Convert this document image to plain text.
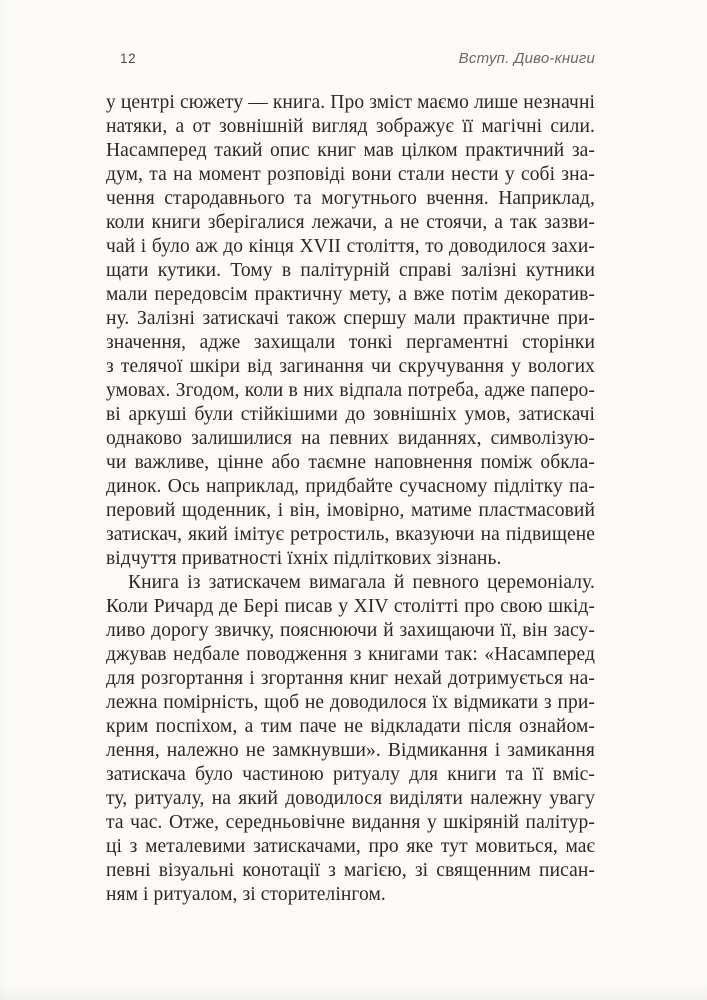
12	Вступ. Диво-книги
у центрі сюжету — книга. Про зміст маємо лише незначні
натяки, а от зовнішній вигляд зображує її магічні сили.
Насамперед такий опис книг мав цілком практичний за-
дум, та на момент розповіді вони стали нести у собі зна-
чення стародавнього та могутнього вчення. Наприклад,
коли книги зберігалися лежачи, а не стоячи, а так зазви-
чай і було аж до кінця XVII століття, то доводилося захи-
щати кутики. Тому в палітурній справі залізні кутники
мали передовсім практичну мету, а вже потім декоратив-
ну. Залізні затискачі також спершу мали практичне при-
значення, адже захищали тонкі пергаментні сторінки
з телячої шкіри від загинання чи скручування у вологих
умовах. Згодом, коли в них відпала потреба, адже паперо-
ві аркуші були стійкішими до зовнішніх умов, затискачі
однаково залишилися на певних виданнях, символізую-
чи важливе, цінне або таємне наповнення поміж обкла-
динок. Ось наприклад, придбайте сучасному підлітку па-
перовий щоденник, і він, імовірно, матиме пластмасовий
затискач, який імітує ретростиль, вказуючи на підвищене
відчуття приватності їхніх підліткових зізнань.
Книга із затискачем вимагала й певного церемоніалу.
Коли Ричард де Бері писав у XIV столітті про свою шкід-
ливо дорогу звичку, пояснюючи й захищаючи її, він засу-
джував недбале поводження з книгами так: «Насамперед
для розгортання і згортання книг нехай дотримується на-
лежна помірність, щоб не доводилося їх відмикати з при-
крим поспіхом, а тим паче не відкладати після ознайом-
лення, належно не замкнувши». Відмикання і замикання
затискача було частиною ритуалу для книги та її вміс-
ту, ритуалу, на який доводилося виділяти належну увагу
та час. Отже, середньовічне видання у шкіряній палітур-
ці з металевими затискачами, про яке тут мовиться, має
певні візуальні конотації з магією, зі священним писан-
ням і ритуалом, зі сторителінгом.
